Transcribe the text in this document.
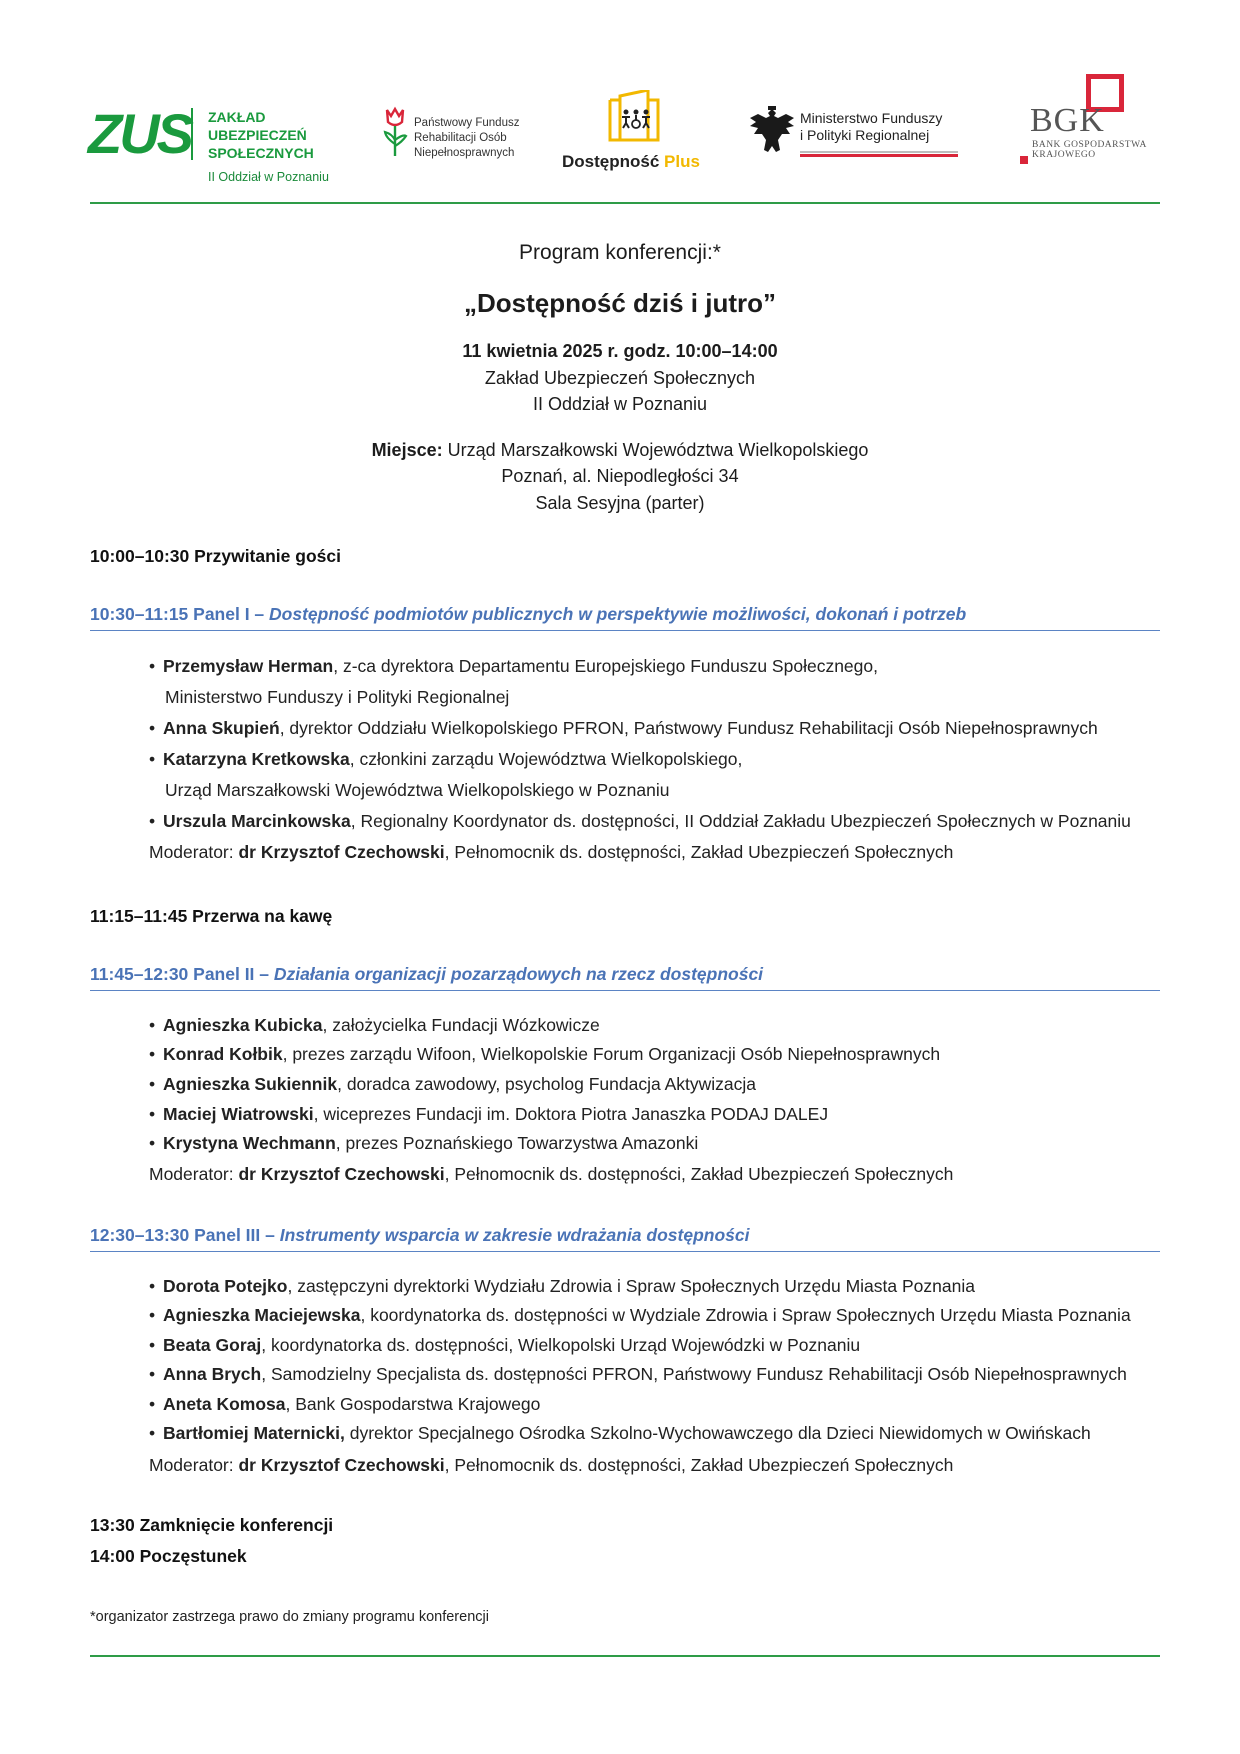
ZUS ZAKŁAD
UBEZPIECZEŃ
SPOŁECZNYCH
II Oddział w Poznaniu
Państwowy Fundusz
Rehabilitacji Osób
Niepełnosprawnych	Dostępność Plus
Ministerstwo Funduszy
i Polityki Regionalnej	BGK
BANK GOSPODARSTWA
KRAJOWEGO
Program konferencji:*
„Dostępność dziś i jutro”
11 kwietnia 2025 r. godz. 10:00–14:00
Zakład Ubezpieczeń Społecznych
II Oddział w Poznaniu
Miejsce: Urząd Marszałkowski Województwa Wielkopolskiego
Poznań, al. Niepodległości 34
Sala Sesyjna (parter)
10:00–10:30 Przywitanie gości
10:30–11:15 Panel I – Dostępność podmiotów publicznych w perspektywie możliwości, dokonań i potrzeb
• Przemysław Herman, z-ca dyrektora Departamentu Europejskiego Funduszu Społecznego,
Ministerstwo Funduszy i Polityki Regionalnej
• Anna Skupień, dyrektor Oddziału Wielkopolskiego PFRON, Państwowy Fundusz Rehabilitacji Osób Niepełnosprawnych
• Katarzyna Kretkowska, członkini zarządu Województwa Wielkopolskiego,
Urząd Marszałkowski Województwa Wielkopolskiego w Poznaniu
• Urszula Marcinkowska, Regionalny Koordynator ds. dostępności, II Oddział Zakładu Ubezpieczeń Społecznych w Poznaniu
Moderator: dr Krzysztof Czechowski, Pełnomocnik ds. dostępności, Zakład Ubezpieczeń Społecznych
11:15–11:45 Przerwa na kawę
11:45–12:30 Panel II – Działania organizacji pozarządowych na rzecz dostępności
• Agnieszka Kubicka, założycielka Fundacji Wózkowicze
• Konrad Kołbik, prezes zarządu Wifoon, Wielkopolskie Forum Organizacji Osób Niepełnosprawnych
• Agnieszka Sukiennik, doradca zawodowy, psycholog Fundacja Aktywizacja
• Maciej Wiatrowski, wiceprezes Fundacji im. Doktora Piotra Janaszka PODAJ DALEJ
• Krystyna Wechmann, prezes Poznańskiego Towarzystwa Amazonki
Moderator: dr Krzysztof Czechowski, Pełnomocnik ds. dostępności, Zakład Ubezpieczeń Społecznych
12:30–13:30 Panel III – Instrumenty wsparcia w zakresie wdrażania dostępności
• Dorota Potejko, zastępczyni dyrektorki Wydziału Zdrowia i Spraw Społecznych Urzędu Miasta Poznania
• Agnieszka Maciejewska, koordynatorka ds. dostępności w Wydziale Zdrowia i Spraw Społecznych Urzędu Miasta Poznania
• Beata Goraj, koordynatorka ds. dostępności, Wielkopolski Urząd Wojewódzki w Poznaniu
• Anna Brych, Samodzielny Specjalista ds. dostępności PFRON, Państwowy Fundusz Rehabilitacji Osób Niepełnosprawnych
• Aneta Komosa, Bank Gospodarstwa Krajowego
• Bartłomiej Maternicki, dyrektor Specjalnego Ośrodka Szkolno-Wychowawczego dla Dzieci Niewidomych w Owińskach
Moderator: dr Krzysztof Czechowski, Pełnomocnik ds. dostępności, Zakład Ubezpieczeń Społecznych
13:30 Zamknięcie konferencji
14:00 Poczęstunek
*organizator zastrzega prawo do zmiany programu konferencji
